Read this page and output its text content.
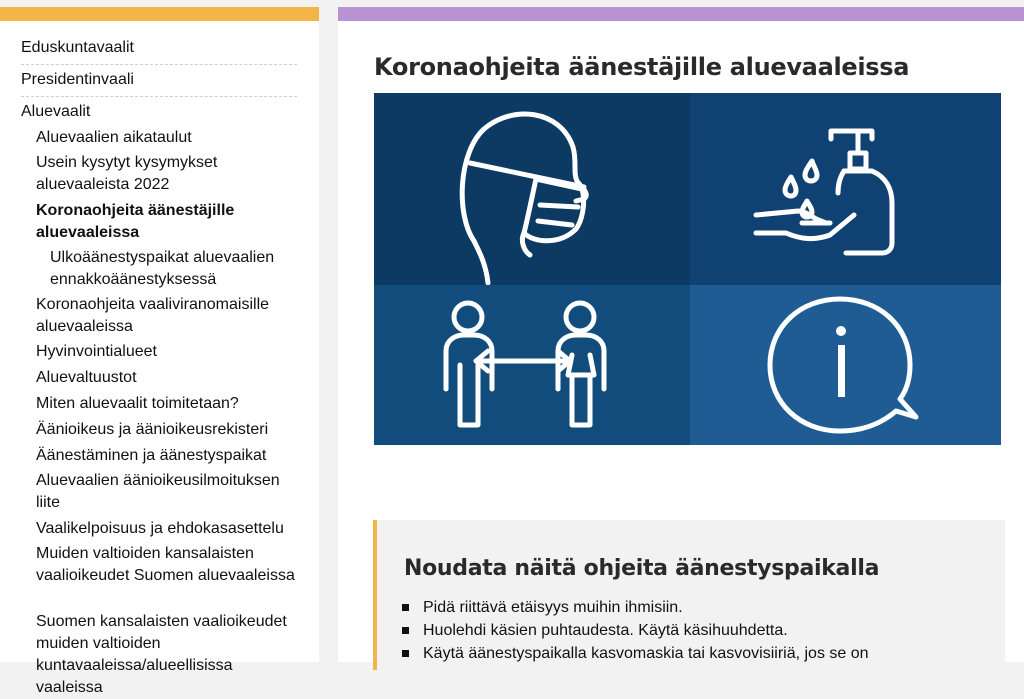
Eduskuntavaalit
Presidentinvaali
Aluevaalit
Aluevaalien aikataulut
Usein kysytyt kysymykset aluevaaleista 2022
Koronaohjeita äänestäjille aluevaaleissa
Ulkoäänestyspaikat aluevaalien ennakkoäänestyksessä
Koronaohjeita vaaliviranomaisille aluevaaleissa
Hyvinvointialueet
Aluevaltuustot
Miten aluevaalit toimitetaan?
Äänioikeus ja äänioikeusrekisteri
Äänestäminen ja äänestyspaikat
Aluevaalien äänioikeusilmoituksen liite
Vaalikelpoisuus ja ehdokasasettelu
Muiden valtioiden kansalaisten vaalioikeudet Suomen aluevaaleissa
Suomen kansalaisten vaalioikeudet muiden valtioiden kuntavaaleissa/alueellisissa vaaleissa
Koronaohjeita äänestäjille aluevaaleissa
Noudata näitä ohjeita äänestyspaikalla
Pidä riittävä etäisyys muihin ihmisiin.
Huolehdi käsien puhtaudesta. Käytä käsihuuhdetta.
Käytä äänestyspaikalla kasvomaskia tai kasvovisiiriä, jos se on
